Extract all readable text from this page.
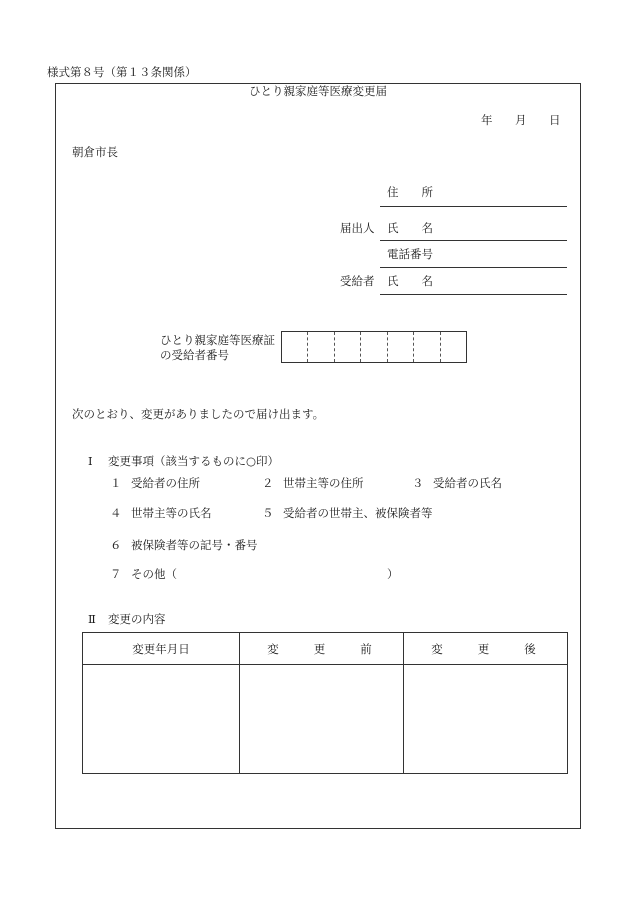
様式第８号（第１３条関係）
ひとり親家庭等医療変更届
年 月 日
朝倉市長
住　　所
届出人 氏　　名
電話番号
受給者 氏　　名
ひとり親家庭等医療証
の受給者番号
次のとおり、変更がありましたので届け出ます。
Ⅰ 変更事項（該当するものに○印）
１ 受給者の住所	２ 世帯主等の住所	３ 受給者の氏名
４ 世帯主等の氏名	５ 受給者の世帯主、被保険者等
６ 被保険者等の記号・番号
７ その他（	）
Ⅱ 変更の内容
変更年月日	変　　更　　前	変　　更　　後
